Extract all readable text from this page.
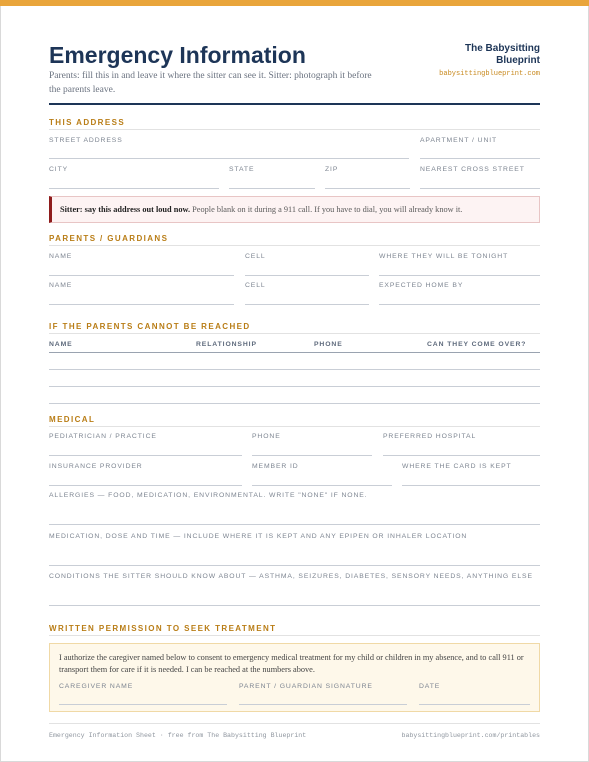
Emergency Information
Parents: fill this in and leave it where the sitter can see it. Sitter: photograph it before the parents leave.
The Babysitting Blueprint
babysittingblueprint.com
THIS ADDRESS
STREET ADDRESS	APARTMENT / UNIT
CITY	STATE	ZIP	NEAREST CROSS STREET
Sitter: say this address out loud now. People blank on it during a 911 call. If you have to dial, you will already know it.
PARENTS / GUARDIANS
NAME	CELL	WHERE THEY WILL BE TONIGHT
NAME	CELL	EXPECTED HOME BY
IF THE PARENTS CANNOT BE REACHED
NAME	RELATIONSHIP	PHONE	CAN THEY COME OVER?
MEDICAL
PEDIATRICIAN / PRACTICE	PHONE	PREFERRED HOSPITAL
INSURANCE PROVIDER	MEMBER ID	WHERE THE CARD IS KEPT
ALLERGIES — FOOD, MEDICATION, ENVIRONMENTAL. WRITE "NONE" IF NONE.
MEDICATION, DOSE AND TIME — INCLUDE WHERE IT IS KEPT AND ANY EPIPEN OR INHALER LOCATION
CONDITIONS THE SITTER SHOULD KNOW ABOUT — ASTHMA, SEIZURES, DIABETES, SENSORY NEEDS, ANYTHING ELSE
WRITTEN PERMISSION TO SEEK TREATMENT
I authorize the caregiver named below to consent to emergency medical treatment for my child or children in my absence, and to call 911 or transport them for care if it is needed. I can be reached at the numbers above.
CAREGIVER NAME	PARENT / GUARDIAN SIGNATURE	DATE
Emergency Information Sheet · free from The Babysitting Blueprint	babysittingblueprint.com/printables
